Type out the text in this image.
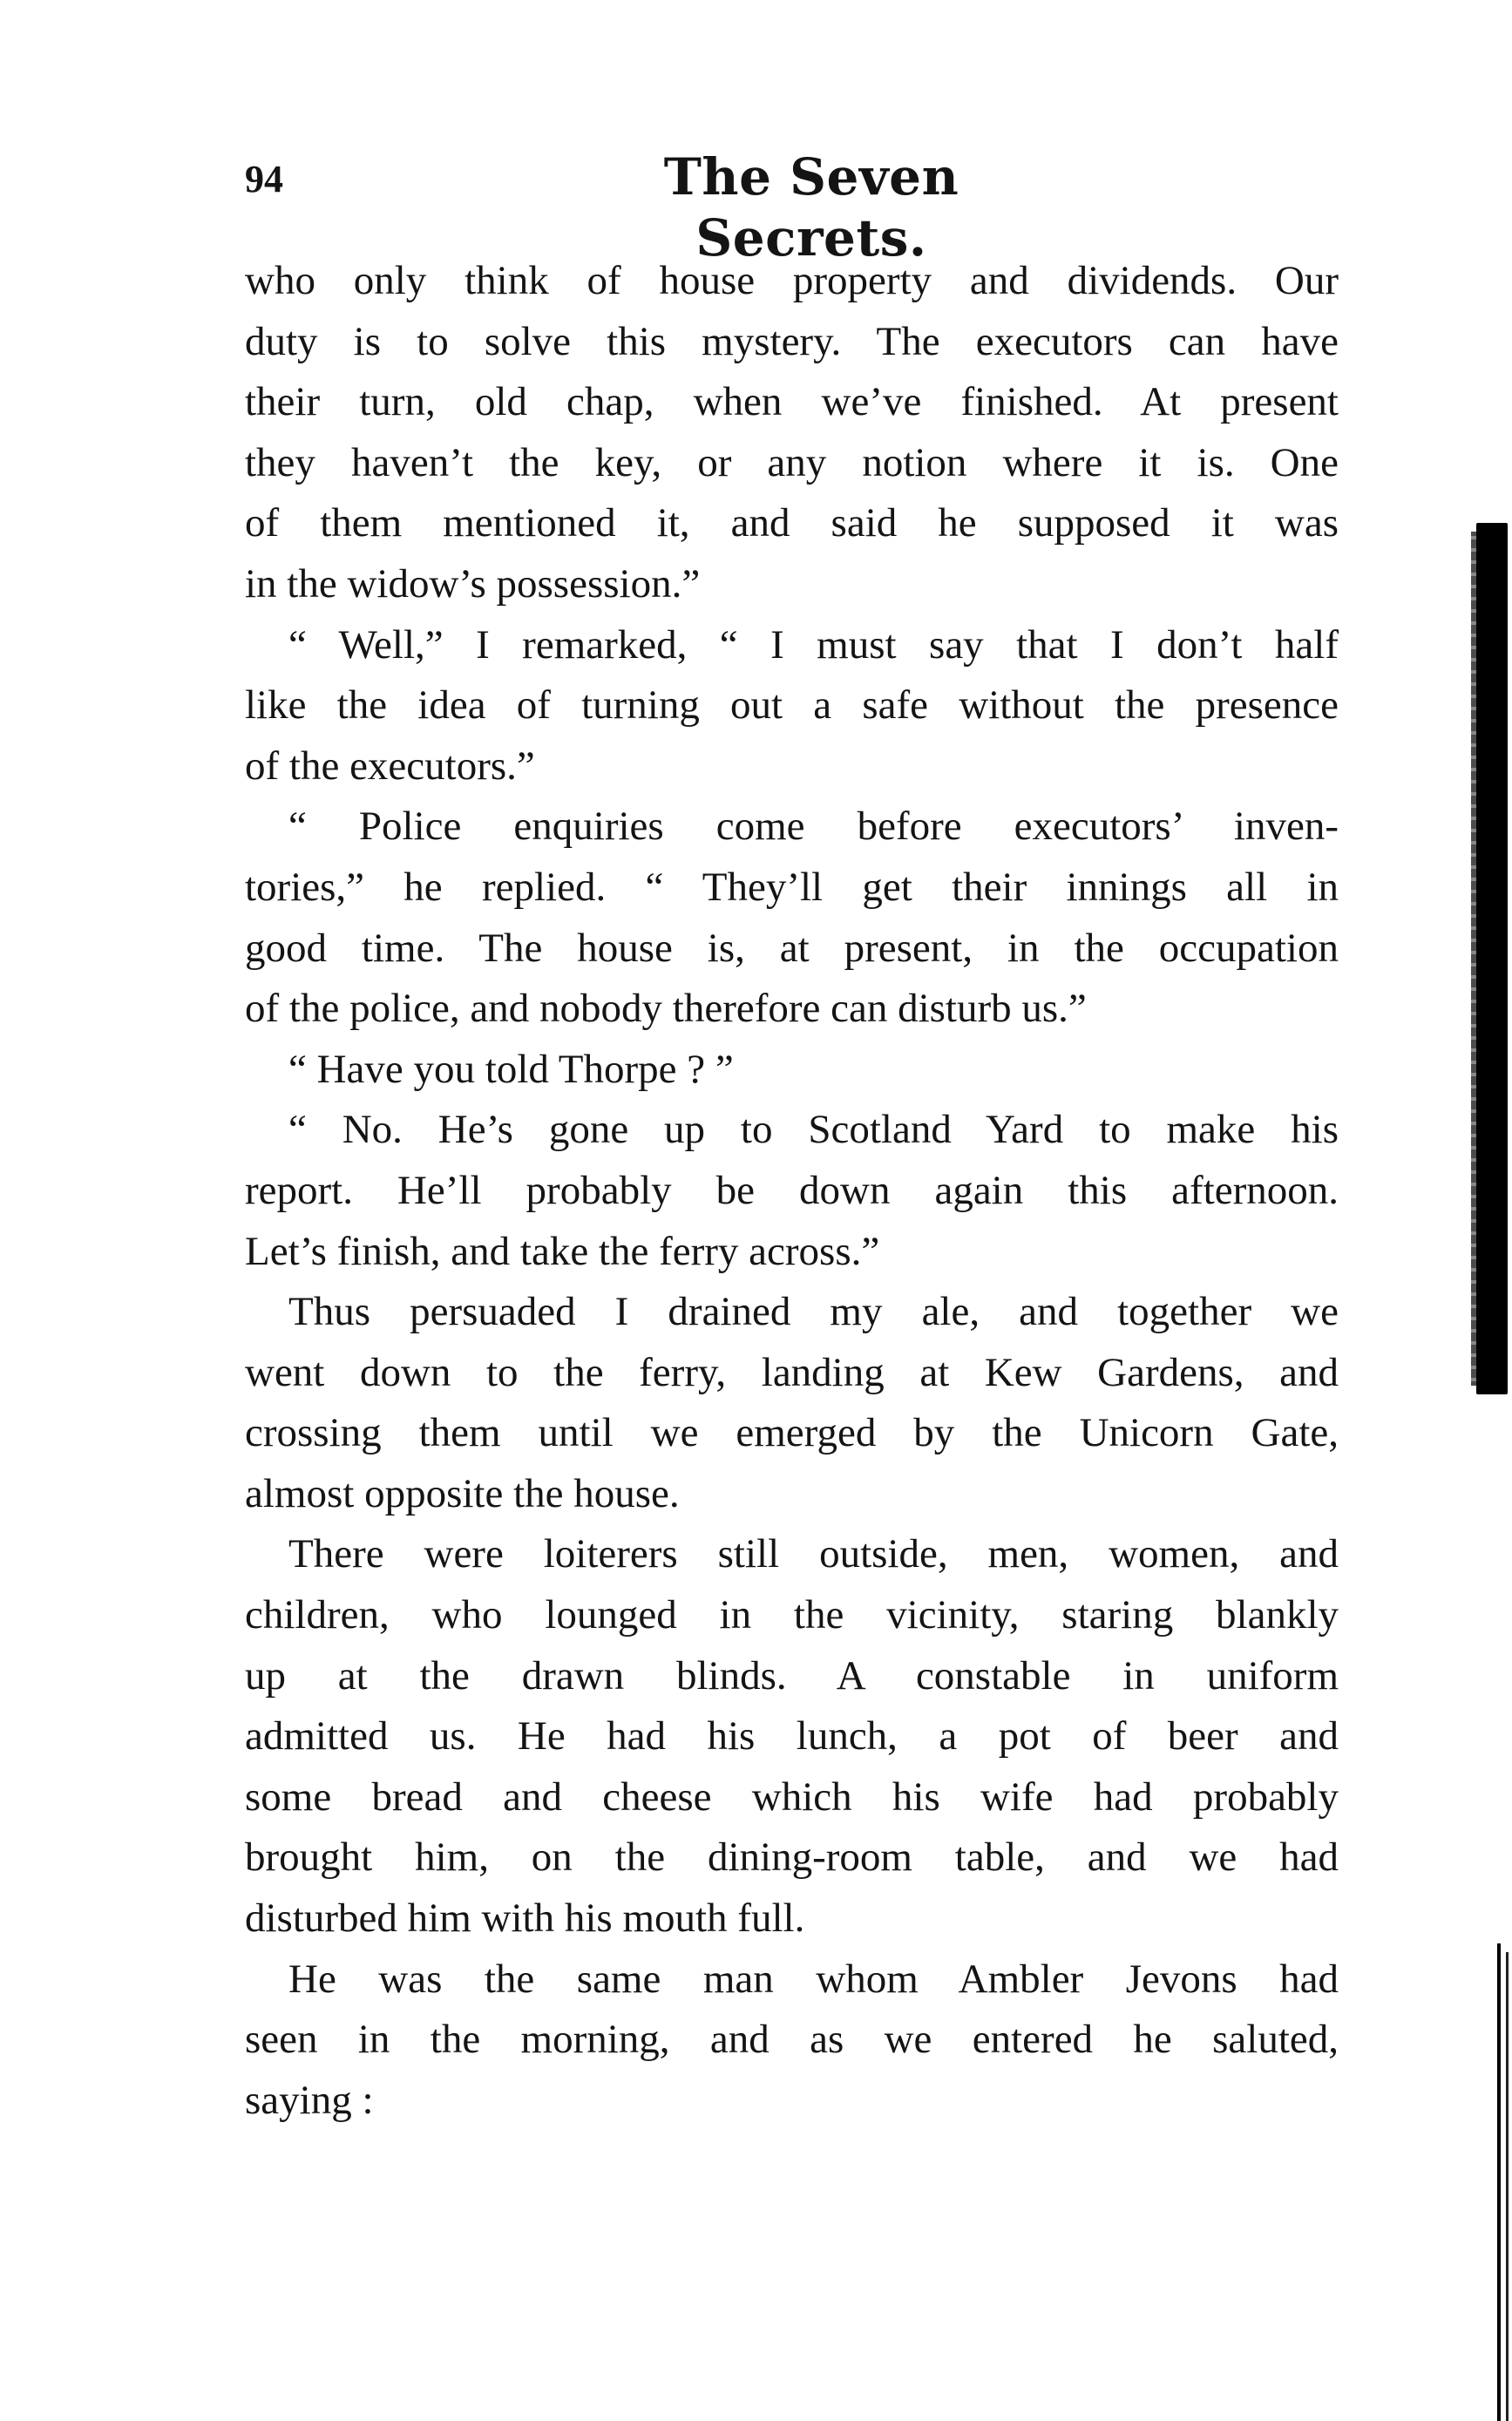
94	The Seven Secrets.
who only think of house property and dividends. Our
duty is to solve this mystery. The executors can have
their turn, old chap, when we’ve finished. At present
they haven’t the key, or any notion where it is. One
of them mentioned it, and said he supposed it was
in the widow’s possession.”
“ Well,” I remarked, “ I must say that I don’t half
like the idea of turning out a safe without the presence
of the executors.”
“ Police enquiries come before executors’ inven-
tories,” he replied. “ They’ll get their innings all in
good time. The house is, at present, in the occupation
of the police, and nobody therefore can disturb us.”
“ Have you told Thorpe ? ”
“ No. He’s gone up to Scotland Yard to make his
report. He’ll probably be down again this afternoon.
Let’s finish, and take the ferry across.”
Thus persuaded I drained my ale, and together we
went down to the ferry, landing at Kew Gardens, and
crossing them until we emerged by the Unicorn Gate,
almost opposite the house.
There were loiterers still outside, men, women, and
children, who lounged in the vicinity, staring blankly
up at the drawn blinds. A constable in uniform
admitted us. He had his lunch, a pot of beer and
some bread and cheese which his wife had probably
brought him, on the dining-room table, and we had
disturbed him with his mouth full.
He was the same man whom Ambler Jevons had
seen in the morning, and as we entered he saluted,
saying :
